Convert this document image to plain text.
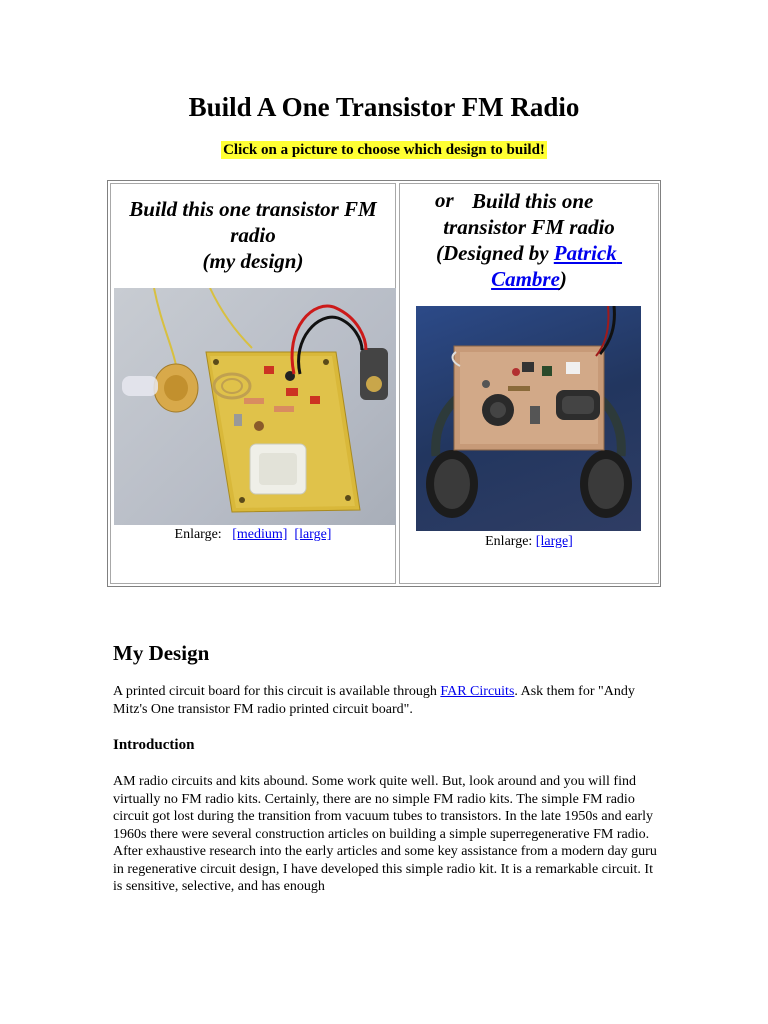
Build A One Transistor FM Radio
Click on a picture to choose which design to build!
Build this one transistor FM
radio
(my design)
Enlarge: [medium] [large]
or Build this one
transistor FM radio
(Designed by Patrick
Cambre)
Enlarge: [large]
My Design

A printed circuit board for this circuit is available through FAR Circuits. Ask them for "Andy Mitz's One transistor FM radio printed circuit board".

Introduction

AM radio circuits and kits abound. Some work quite well. But, look around and you will find virtually no FM radio kits. Certainly, there are no simple FM radio kits. The simple FM radio circuit got lost during the transition from vacuum tubes to transistors. In the late 1950s and early 1960s there were several construction articles on building a simple superregenerative FM radio. After exhaustive research into the early articles and some key assistance from a modern day guru in regenerative circuit design, I have developed this simple radio kit. It is a remarkable circuit. It is sensitive, selective, and has enough
